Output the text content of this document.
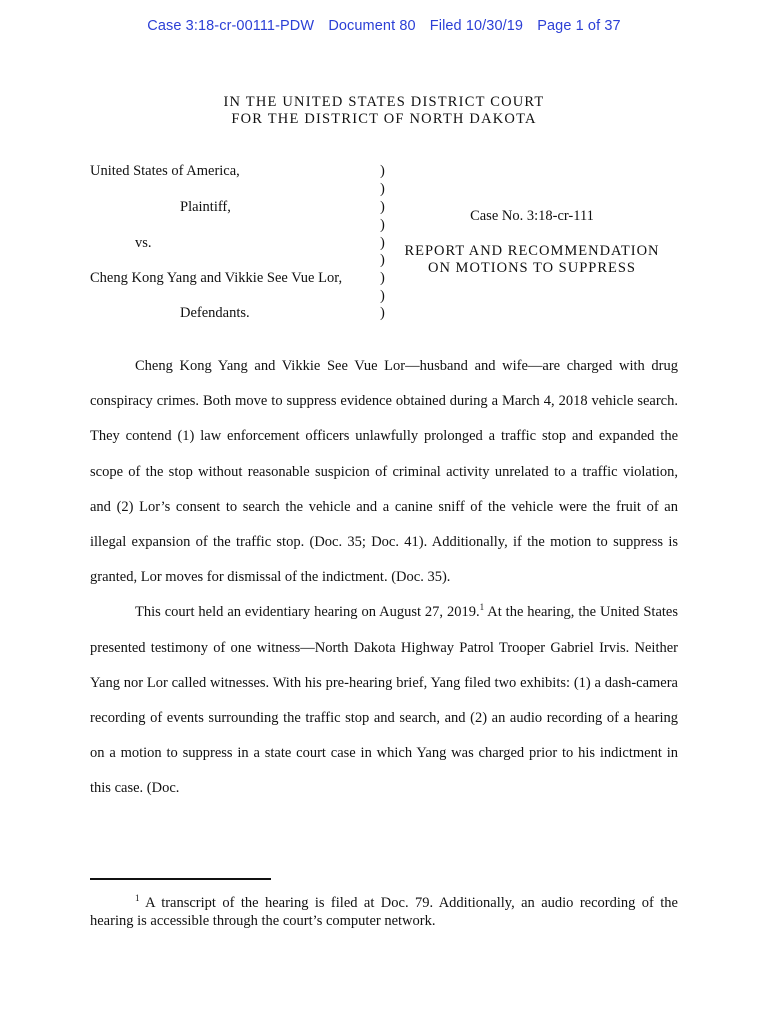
Case 3:18-cr-00111-PDW Document 80 Filed 10/30/19 Page 1 of 37
IN THE UNITED STATES DISTRICT COURT
FOR THE DISTRICT OF NORTH DAKOTA
United States of America,
Plaintiff,
vs.
Cheng Kong Yang and Vikkie See Vue Lor,
Defendants.
)
)
)
)
)
)
)
)
)
Case No. 3:18-cr-111
REPORT AND RECOMMENDATION
ON MOTIONS TO SUPPRESS

Cheng Kong Yang and Vikkie See Vue Lor—husband and wife—are charged with drug conspiracy crimes. Both move to suppress evidence obtained during a March 4, 2018 vehicle search. They contend (1) law enforcement officers unlawfully prolonged a traffic stop and expanded the scope of the stop without reasonable suspicion of criminal activity unrelated to a traffic violation, and (2) Lor’s consent to search the vehicle and a canine sniff of the vehicle were the fruit of an illegal expansion of the traffic stop. (Doc. 35; Doc. 41). Additionally, if the motion to suppress is granted, Lor moves for dismissal of the indictment. (Doc. 35).

This court held an evidentiary hearing on August 27, 2019.$^1$ At the hearing, the United States presented testimony of one witness—North Dakota Highway Patrol Trooper Gabriel Irvis. Neither Yang nor Lor called witnesses. With his pre-hearing brief, Yang filed two exhibits: (1) a dash-camera recording of events surrounding the traffic stop and search, and (2) an audio recording of a hearing on a motion to suppress in a state court case in which Yang was charged prior to his indictment in this case. (Doc.

$^1$ A transcript of the hearing is filed at Doc. 79. Additionally, an audio recording of the hearing is accessible through the court’s computer network.
